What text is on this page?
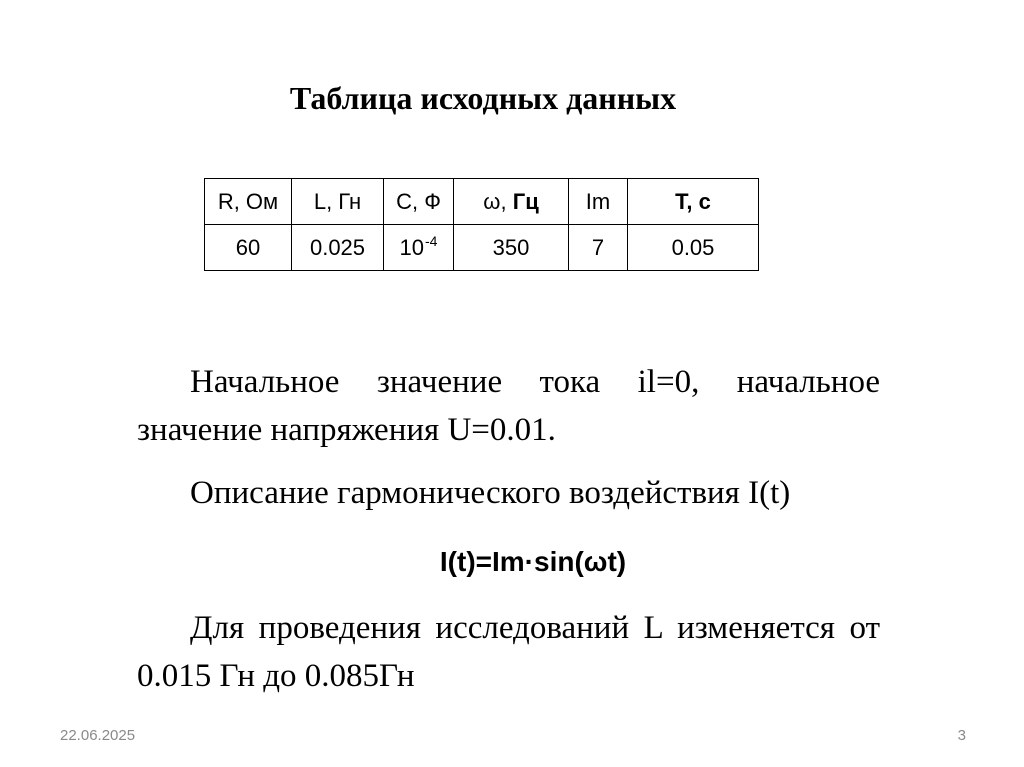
Таблица исходных данных
R, Ом	L, Гн	C, Ф	ω, Гц	Im	Т, с
60	0.025	$10^{-4}$	350	7	0.05
Начальное значение тока il=0, начальное
значение напряжения U=0.01.
Описание гармонического воздействия I(t)
I(t)=Im·sin(ωt)
Для проведения исследований L изменяется от
0.015 Гн до 0.085Гн
22.06.2025	3
